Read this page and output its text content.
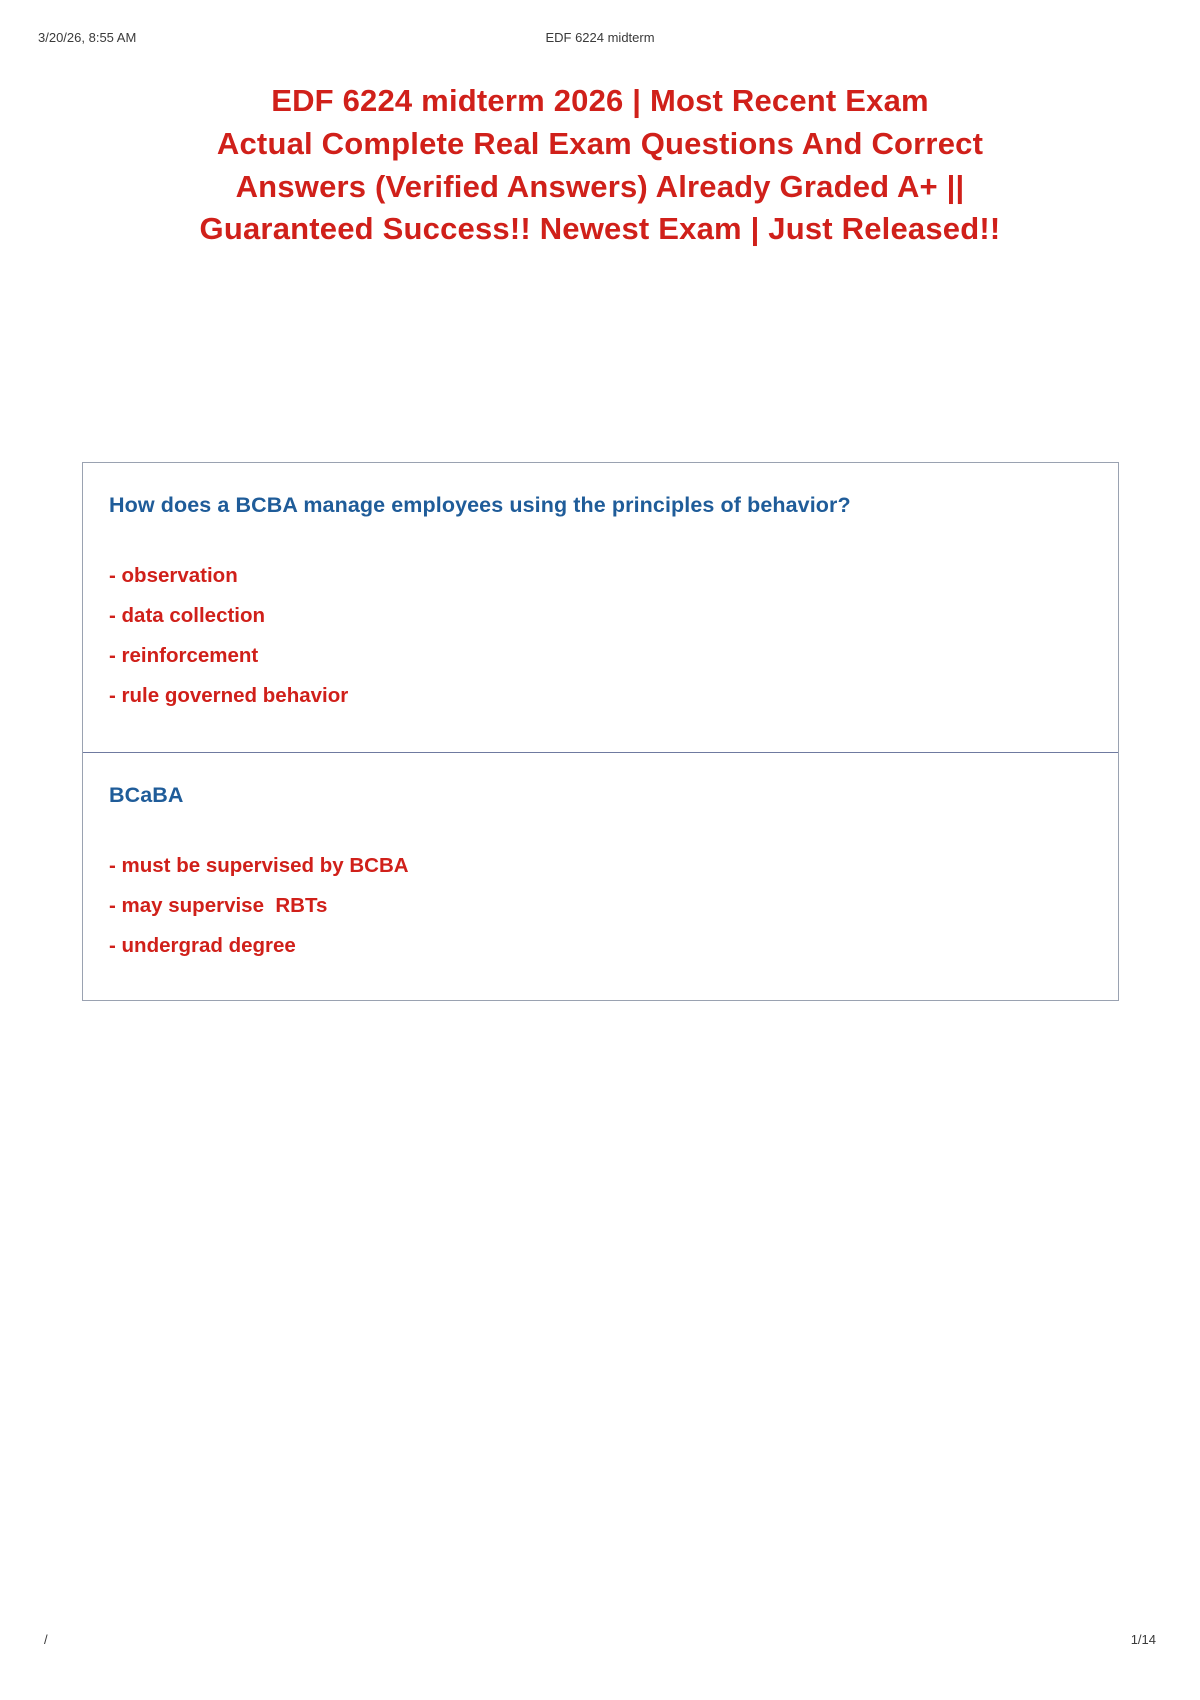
3/20/26, 8:55 AM	EDF 6224 midterm
EDF 6224 midterm 2026 | Most Recent Exam
Actual Complete Real Exam Questions And Correct
Answers (Verified Answers) Already Graded A+ ||
Guaranteed Success!! Newest Exam | Just Released!!

How does a BCBA manage employees using the principles of behavior?

- observation
- data collection
- reinforcement
- rule governed behavior

BCaBA

- must be supervised by BCBA
- may supervise  RBTs
- undergrad degree
/	1/14
